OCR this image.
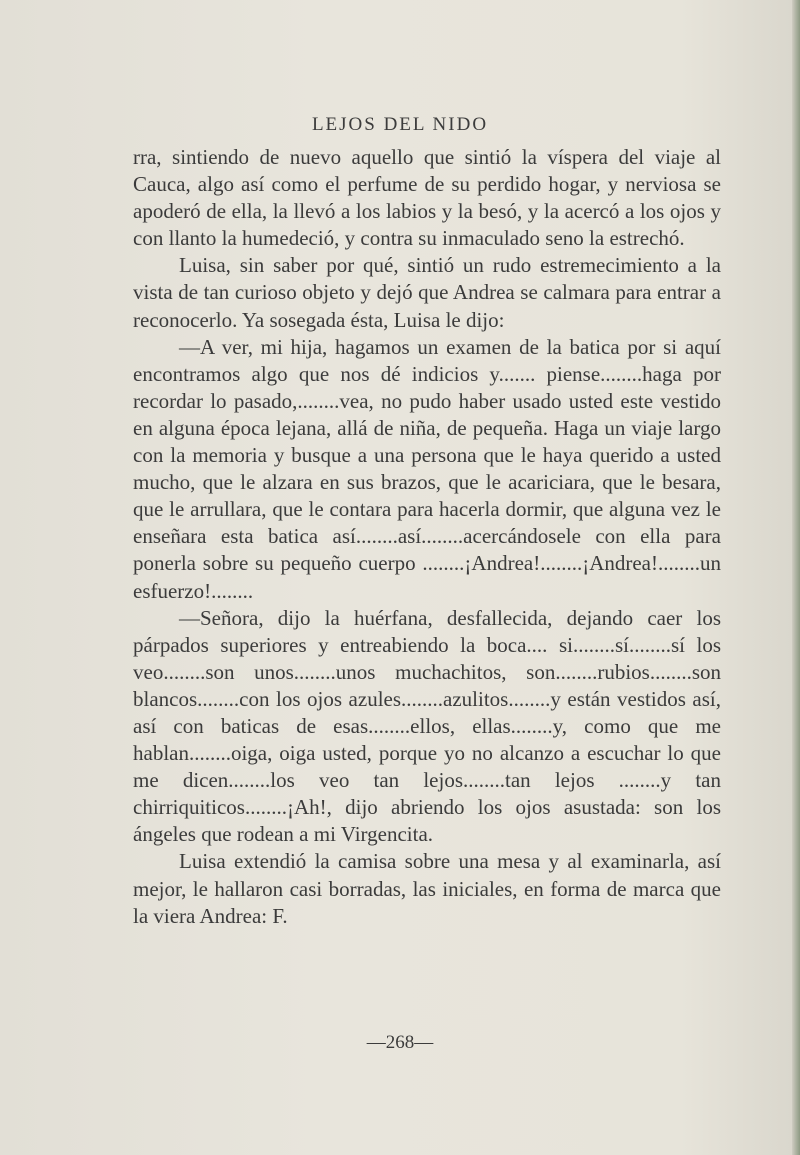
LEJOS DEL NIDO

rra, sintiendo de nuevo aquello que sintió la víspera del viaje al Cauca, algo así como el perfume de su perdido hogar, y nerviosa se apoderó de ella, la llevó a los labios y la besó, y la acercó a los ojos y con llanto la humedeció, y contra su inmaculado seno la estrechó.

Luisa, sin saber por qué, sintió un rudo estremecimiento a la vista de tan curioso objeto y dejó que Andrea se calmara para entrar a reconocerlo. Ya sosegada ésta, Luisa le dijo:

—A ver, mi hija, hagamos un examen de la batica por si aquí encontramos algo que nos dé indicios y....... piense........haga por recordar lo pasado,........vea, no pudo haber usado usted este vestido en alguna época lejana, allá de niña, de pequeña. Haga un viaje largo con la memoria y busque a una persona que le haya querido a usted mucho, que le alzara en sus brazos, que le acariciara, que le besara, que le arrullara, que le contara para hacerla dormir, que alguna vez le enseñara esta batica así........así........acercándosele con ella para ponerla sobre su pequeño cuerpo ........¡Andrea!........¡Andrea!........un esfuerzo!........

—Señora, dijo la huérfana, desfallecida, dejando caer los párpados superiores y entreabiendo la boca.... si........sí........sí los veo........son unos........unos muchachitos, son........rubios........son blancos........con los ojos azules........azulitos........y están vestidos así, así con baticas de esas........ellos, ellas........y, como que me hablan........oiga, oiga usted, porque yo no alcanzo a escuchar lo que me dicen........los veo tan lejos........tan lejos ........y tan chirriquiticos........¡Ah!, dijo abriendo los ojos asustada: son los ángeles que rodean a mi Virgencita.

Luisa extendió la camisa sobre una mesa y al examinarla, así mejor, le hallaron casi borradas, las iniciales, en forma de marca que la viera Andrea: F.

—268—
